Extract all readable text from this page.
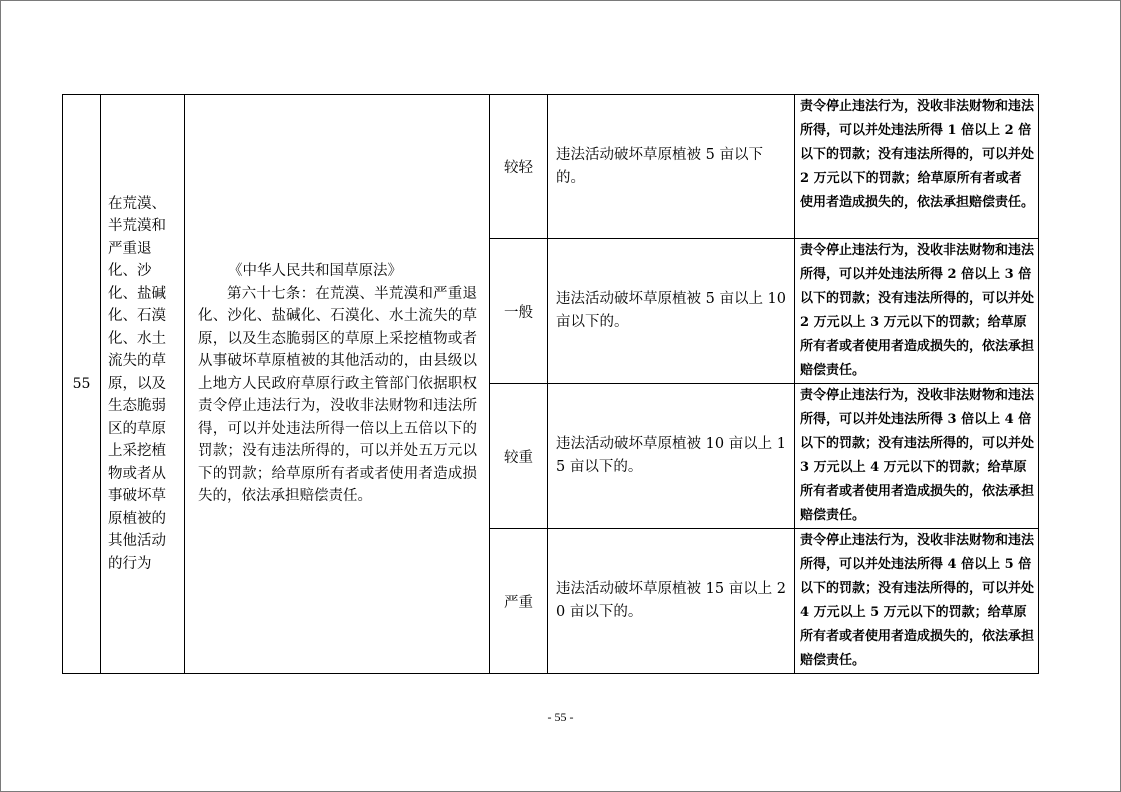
55	在荒漠、半荒漠和严重退化、沙化、盐碱化、石漠化、水土流失的草原，以及生态脆弱区的草原上采挖植物或者从事破坏草原植被的其他活动的行为	《中华人民共和国草原法》
第六十七条：在荒漠、半荒漠和严重退化、沙化、盐碱化、石漠化、水土流失的草原，以及生态脆弱区的草原上采挖植物或者从事破坏草原植被的其他活动的，由县级以上地方人民政府草原行政主管部门依据职权责令停止违法行为，没收非法财物和违法所得，可以并处违法所得一倍以上五倍以下的罚款；没有违法所得的，可以并处五万元以下的罚款；给草原所有者或者使用者造成损失的，依法承担赔偿责任。	较轻	违法活动破坏草原植被 5 亩以下的。	责令停止违法行为，没收非法财物和违法所得，可以并处违法所得 1 倍以上 2 倍以下的罚款；没有违法所得的，可以并处 2 万元以下的罚款；给草原所有者或者使用者造成损失的，依法承担赔偿责任。
			一般	违法活动破坏草原植被 5 亩以上 10 亩以下的。	责令停止违法行为，没收非法财物和违法所得，可以并处违法所得 2 倍以上 3 倍以下的罚款；没有违法所得的，可以并处 2 万元以上 3 万元以下的罚款；给草原所有者或者使用者造成损失的，依法承担赔偿责任。
			较重	违法活动破坏草原植被 10 亩以上 15 亩以下的。	责令停止违法行为，没收非法财物和违法所得，可以并处违法所得 3 倍以上 4 倍以下的罚款；没有违法所得的，可以并处 3 万元以上 4 万元以下的罚款；给草原所有者或者使用者造成损失的，依法承担赔偿责任。
			严重	违法活动破坏草原植被 15 亩以上 20 亩以下的。	责令停止违法行为，没收非法财物和违法所得，可以并处违法所得 4 倍以上 5 倍以下的罚款；没有违法所得的，可以并处 4 万元以上 5 万元以下的罚款；给草原所有者或者使用者造成损失的，依法承担赔偿责任。
- 55 -
